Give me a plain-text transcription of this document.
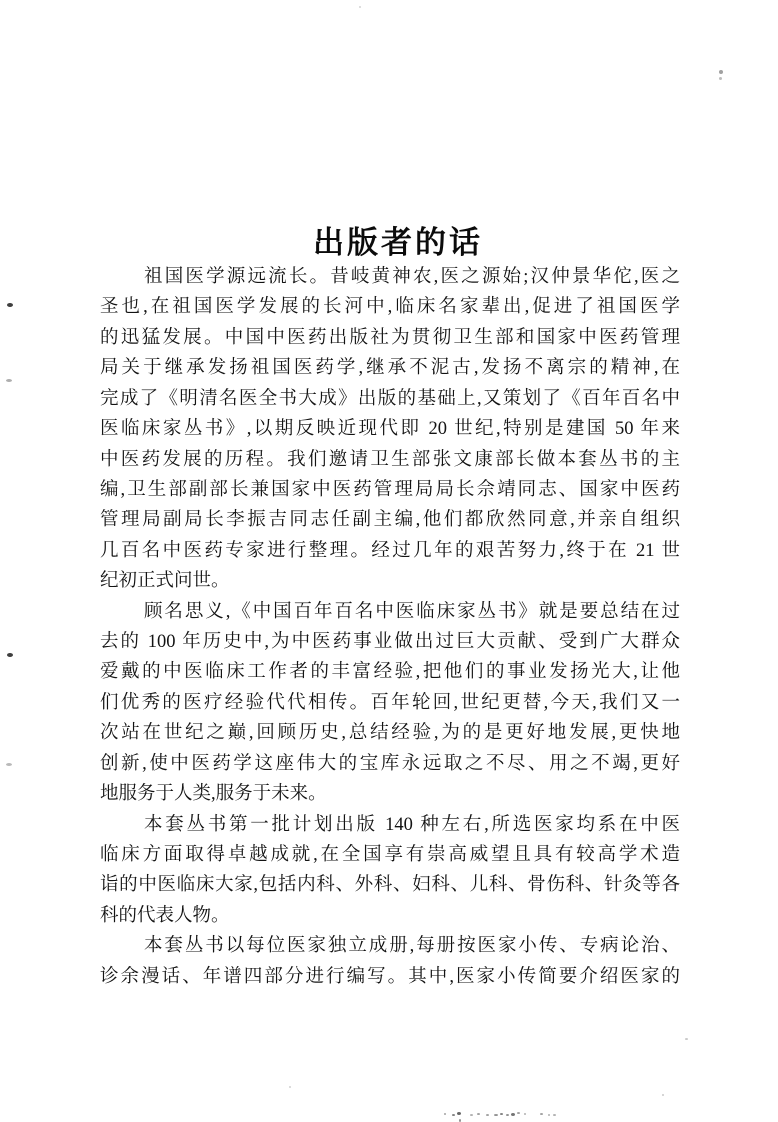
出版者的话
祖国医学源远流长。昔岐黄神农,医之源始;汉仲景华佗,医之
圣也,在祖国医学发展的长河中,临床名家辈出,促进了祖国医学
的迅猛发展。中国中医药出版社为贯彻卫生部和国家中医药管理
局关于继承发扬祖国医药学,继承不泥古,发扬不离宗的精神,在
完成了《明清名医全书大成》出版的基础上,又策划了《百年百名中
医临床家丛书》,以期反映近现代即 20 世纪,特别是建国 50 年来
中医药发展的历程。我们邀请卫生部张文康部长做本套丛书的主
编,卫生部副部长兼国家中医药管理局局长佘靖同志、国家中医药
管理局副局长李振吉同志任副主编,他们都欣然同意,并亲自组织
几百名中医药专家进行整理。经过几年的艰苦努力,终于在 21 世
纪初正式问世。
顾名思义,《中国百年百名中医临床家丛书》就是要总结在过
去的 100 年历史中,为中医药事业做出过巨大贡献、受到广大群众
爱戴的中医临床工作者的丰富经验,把他们的事业发扬光大,让他
们优秀的医疗经验代代相传。百年轮回,世纪更替,今天,我们又一
次站在世纪之巅,回顾历史,总结经验,为的是更好地发展,更快地
创新,使中医药学这座伟大的宝库永远取之不尽、用之不竭,更好
地服务于人类,服务于未来。
本套丛书第一批计划出版 140 种左右,所选医家均系在中医
临床方面取得卓越成就,在全国享有崇高威望且具有较高学术造
诣的中医临床大家,包括内科、外科、妇科、儿科、骨伤科、针灸等各
科的代表人物。
本套丛书以每位医家独立成册,每册按医家小传、专病论治、
诊余漫话、年谱四部分进行编写。其中,医家小传简要介绍医家的
